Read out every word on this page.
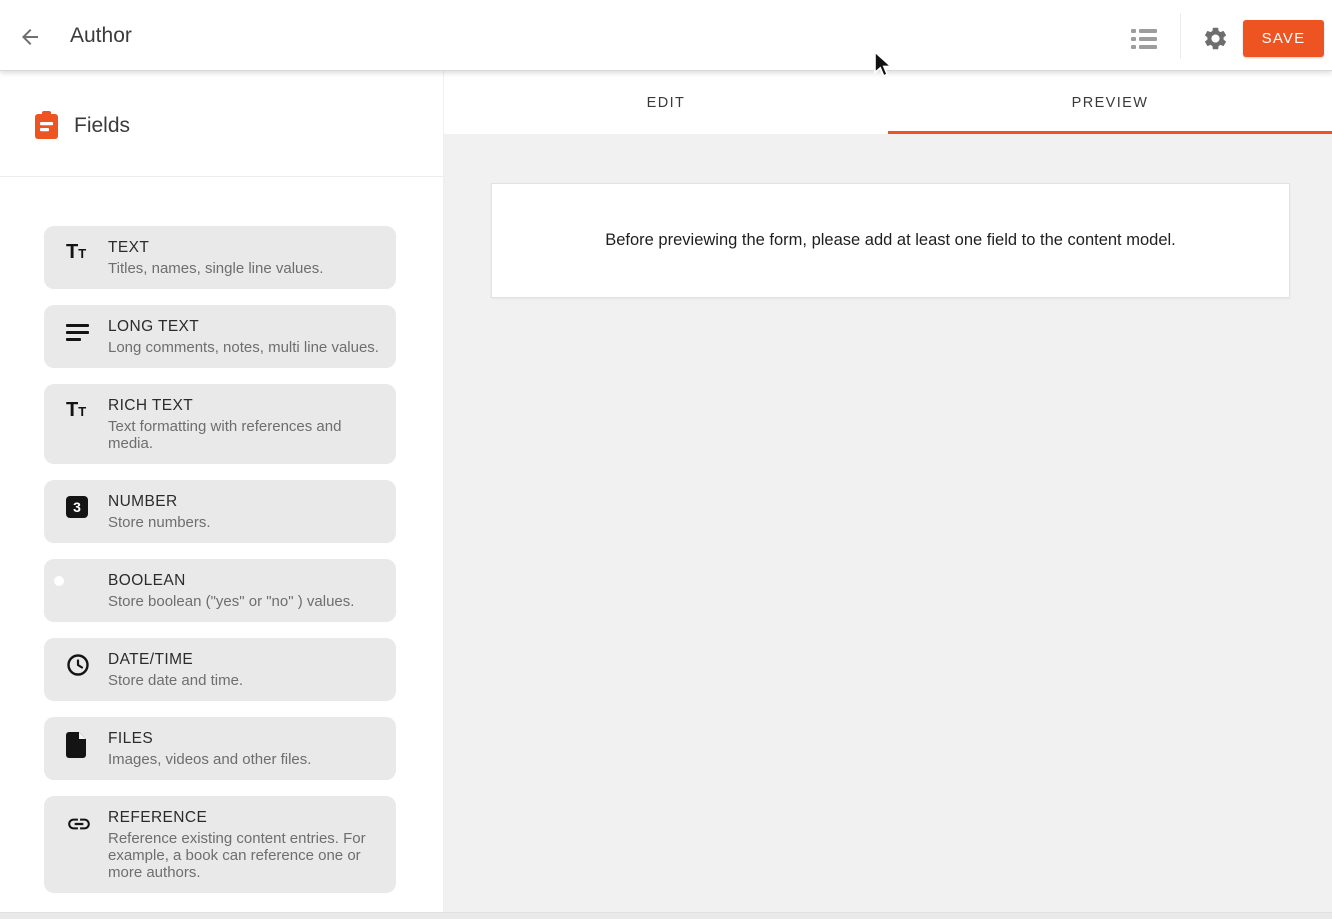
Author	SAVE
Fields
TT	TEXT
Titles, names, single line values.
LONG TEXT
Long comments, notes, multi line values.
TT	RICH TEXT
Text formatting with references and media.
3	NUMBER
Store numbers.
BOOLEAN
Store boolean ("yes" or "no" ) values.
DATE/TIME
Store date and time.
FILES
Images, videos and other files.
REFERENCE
Reference existing content entries. For example, a book can reference one or more authors.
EDIT	PREVIEW
Before previewing the form, please add at least one field to the content model.
